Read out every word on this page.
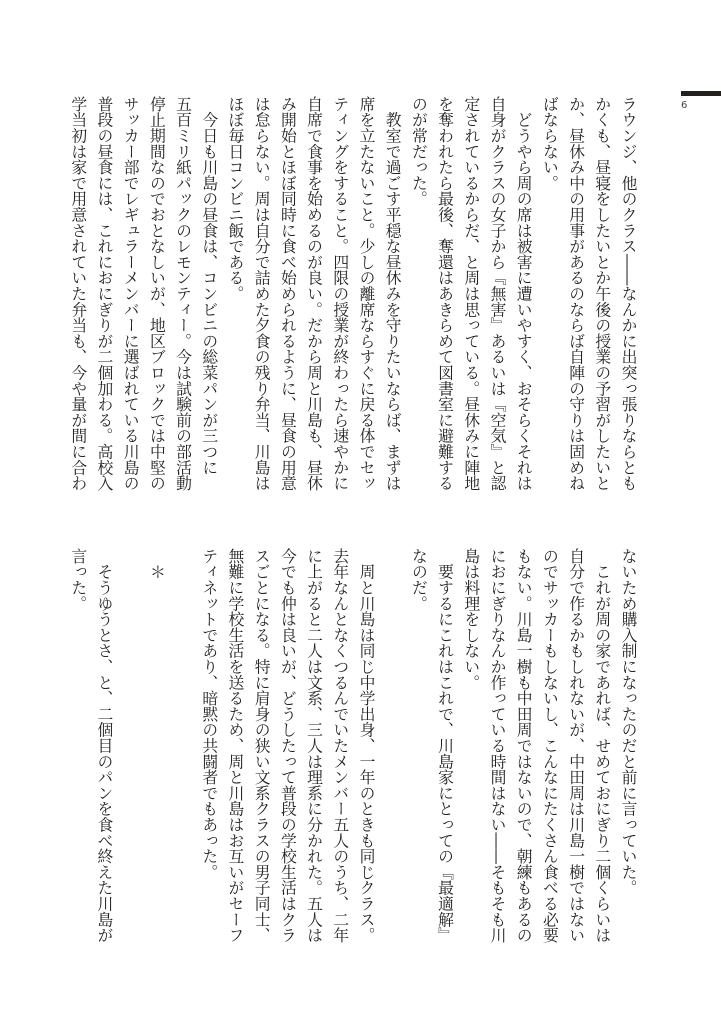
6
ラウンジ、他のクラス――なんかに出突っ張りならとも
かくも、昼寝をしたいとか午後の授業の予習がしたいと
か、昼休み中の用事があるのならば自陣の守りは固めね
ばならない。
　どうやら周の席は被害に遭いやすく、おそらくそれは
自身がクラスの女子から『無害』あるいは『空気』と認
定されているからだ、と周は思っている。昼休みに陣地
を奪われたら最後、奪還はあきらめて図書室に避難する
のが常だった。
　教室で過ごす平穏な昼休みを守りたいならば、まずは
席を立たないこと。少しの離席ならすぐに戻る体でセッ
ティングをすること。四限の授業が終わったら速やかに
自席で食事を始めるのが良い。だから周と川島も、昼休
み開始とほぼ同時に食べ始められるように、昼食の用意
は怠らない。周は自分で詰めた夕食の残り弁当、川島は
ほぼ毎日コンビニ飯である。
　今日も川島の昼食は、コンビニの総菜パンが三つに
五百ミリ紙パックのレモンティー。今は試験前の部活動
停止期間なのでおとなしいが、地区ブロックでは中堅の
サッカー部でレギュラーメンバーに選ばれている川島の
普段の昼食には、これにおにぎりが二個加わる。高校入
学当初は家で用意されていた弁当も、今や量が間に合わ
ないため購入制になったのだと前に言っていた。
　これが周の家であれば、せめておにぎり二個くらいは
自分で作るかもしれないが、中田周は川島一樹ではない
のでサッカーもしないし、こんなにたくさん食べる必要
もない。川島一樹も中田周ではないので、朝練もあるの
におにぎりなんか作っている時間はない――そもそも川
島は料理をしない。
　要するにこれはこれで、川島家にとっての『最適解』
なのだ。

　周と川島は同じ中学出身、一年のときも同じクラス。
去年なんとなくつるんでいたメンバー五人のうち、二年
に上がると二人は文系、三人は理系に分かれた。五人は
今でも仲は良いが、どうしたって普段の学校生活はクラ
スごとになる。特に肩身の狭い文系クラスの男子同士、
無難に学校生活を送るため、周と川島はお互いがセーフ
ティネットであり、暗黙の共闘者でもあった。

　＊

　そうゆうとさ、と、二個目のパンを食べ終えた川島が
言った。
